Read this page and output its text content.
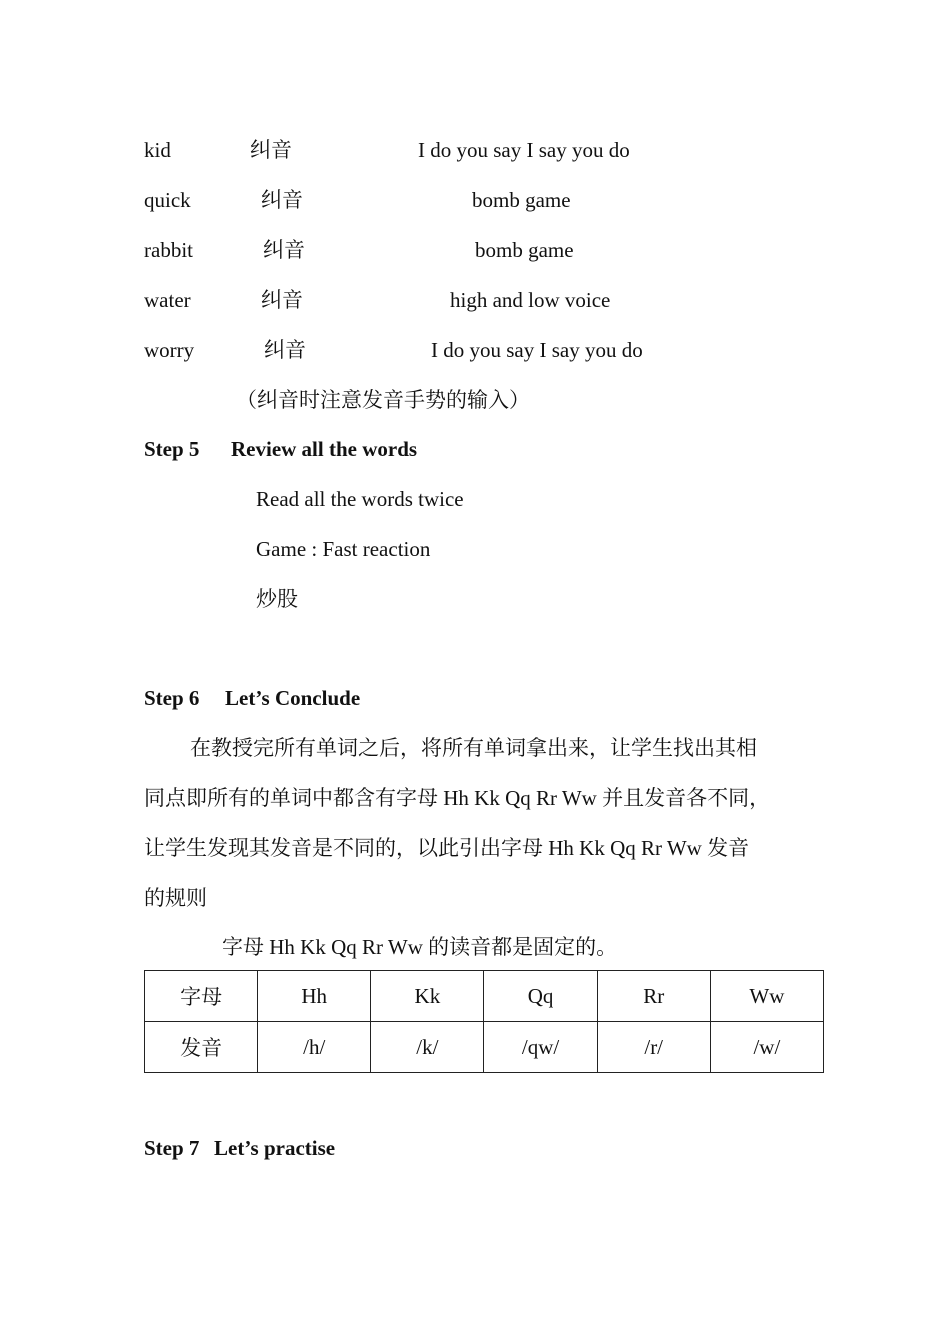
kid	纠音	I do you say I say you do
quick	纠音	bomb game
rabbit	纠音	bomb game
water	纠音	high and low voice
worry	纠音	I do you say I say you do
（纠音时注意发音手势的输入）
Step 5 Review all the words
Read all the words twice
Game : Fast reaction
炒股
Step 6 Let’s Conclude
在教授完所有单词之后，将所有单词拿出来，让学生找出其相
同点即所有的单词中都含有字母 Hh Kk Qq Rr Ww 并且发音各不同，
让学生发现其发音是不同的，以此引出字母 Hh Kk Qq Rr Ww 发音
的规则
字母 Hh Kk Qq Rr Ww 的读音都是固定的。
字母	Hh	Kk	Qq	Rr	Ww
发音	/h/	/k/	/qw/	/r/	/w/
Step 7 Let’s practise
